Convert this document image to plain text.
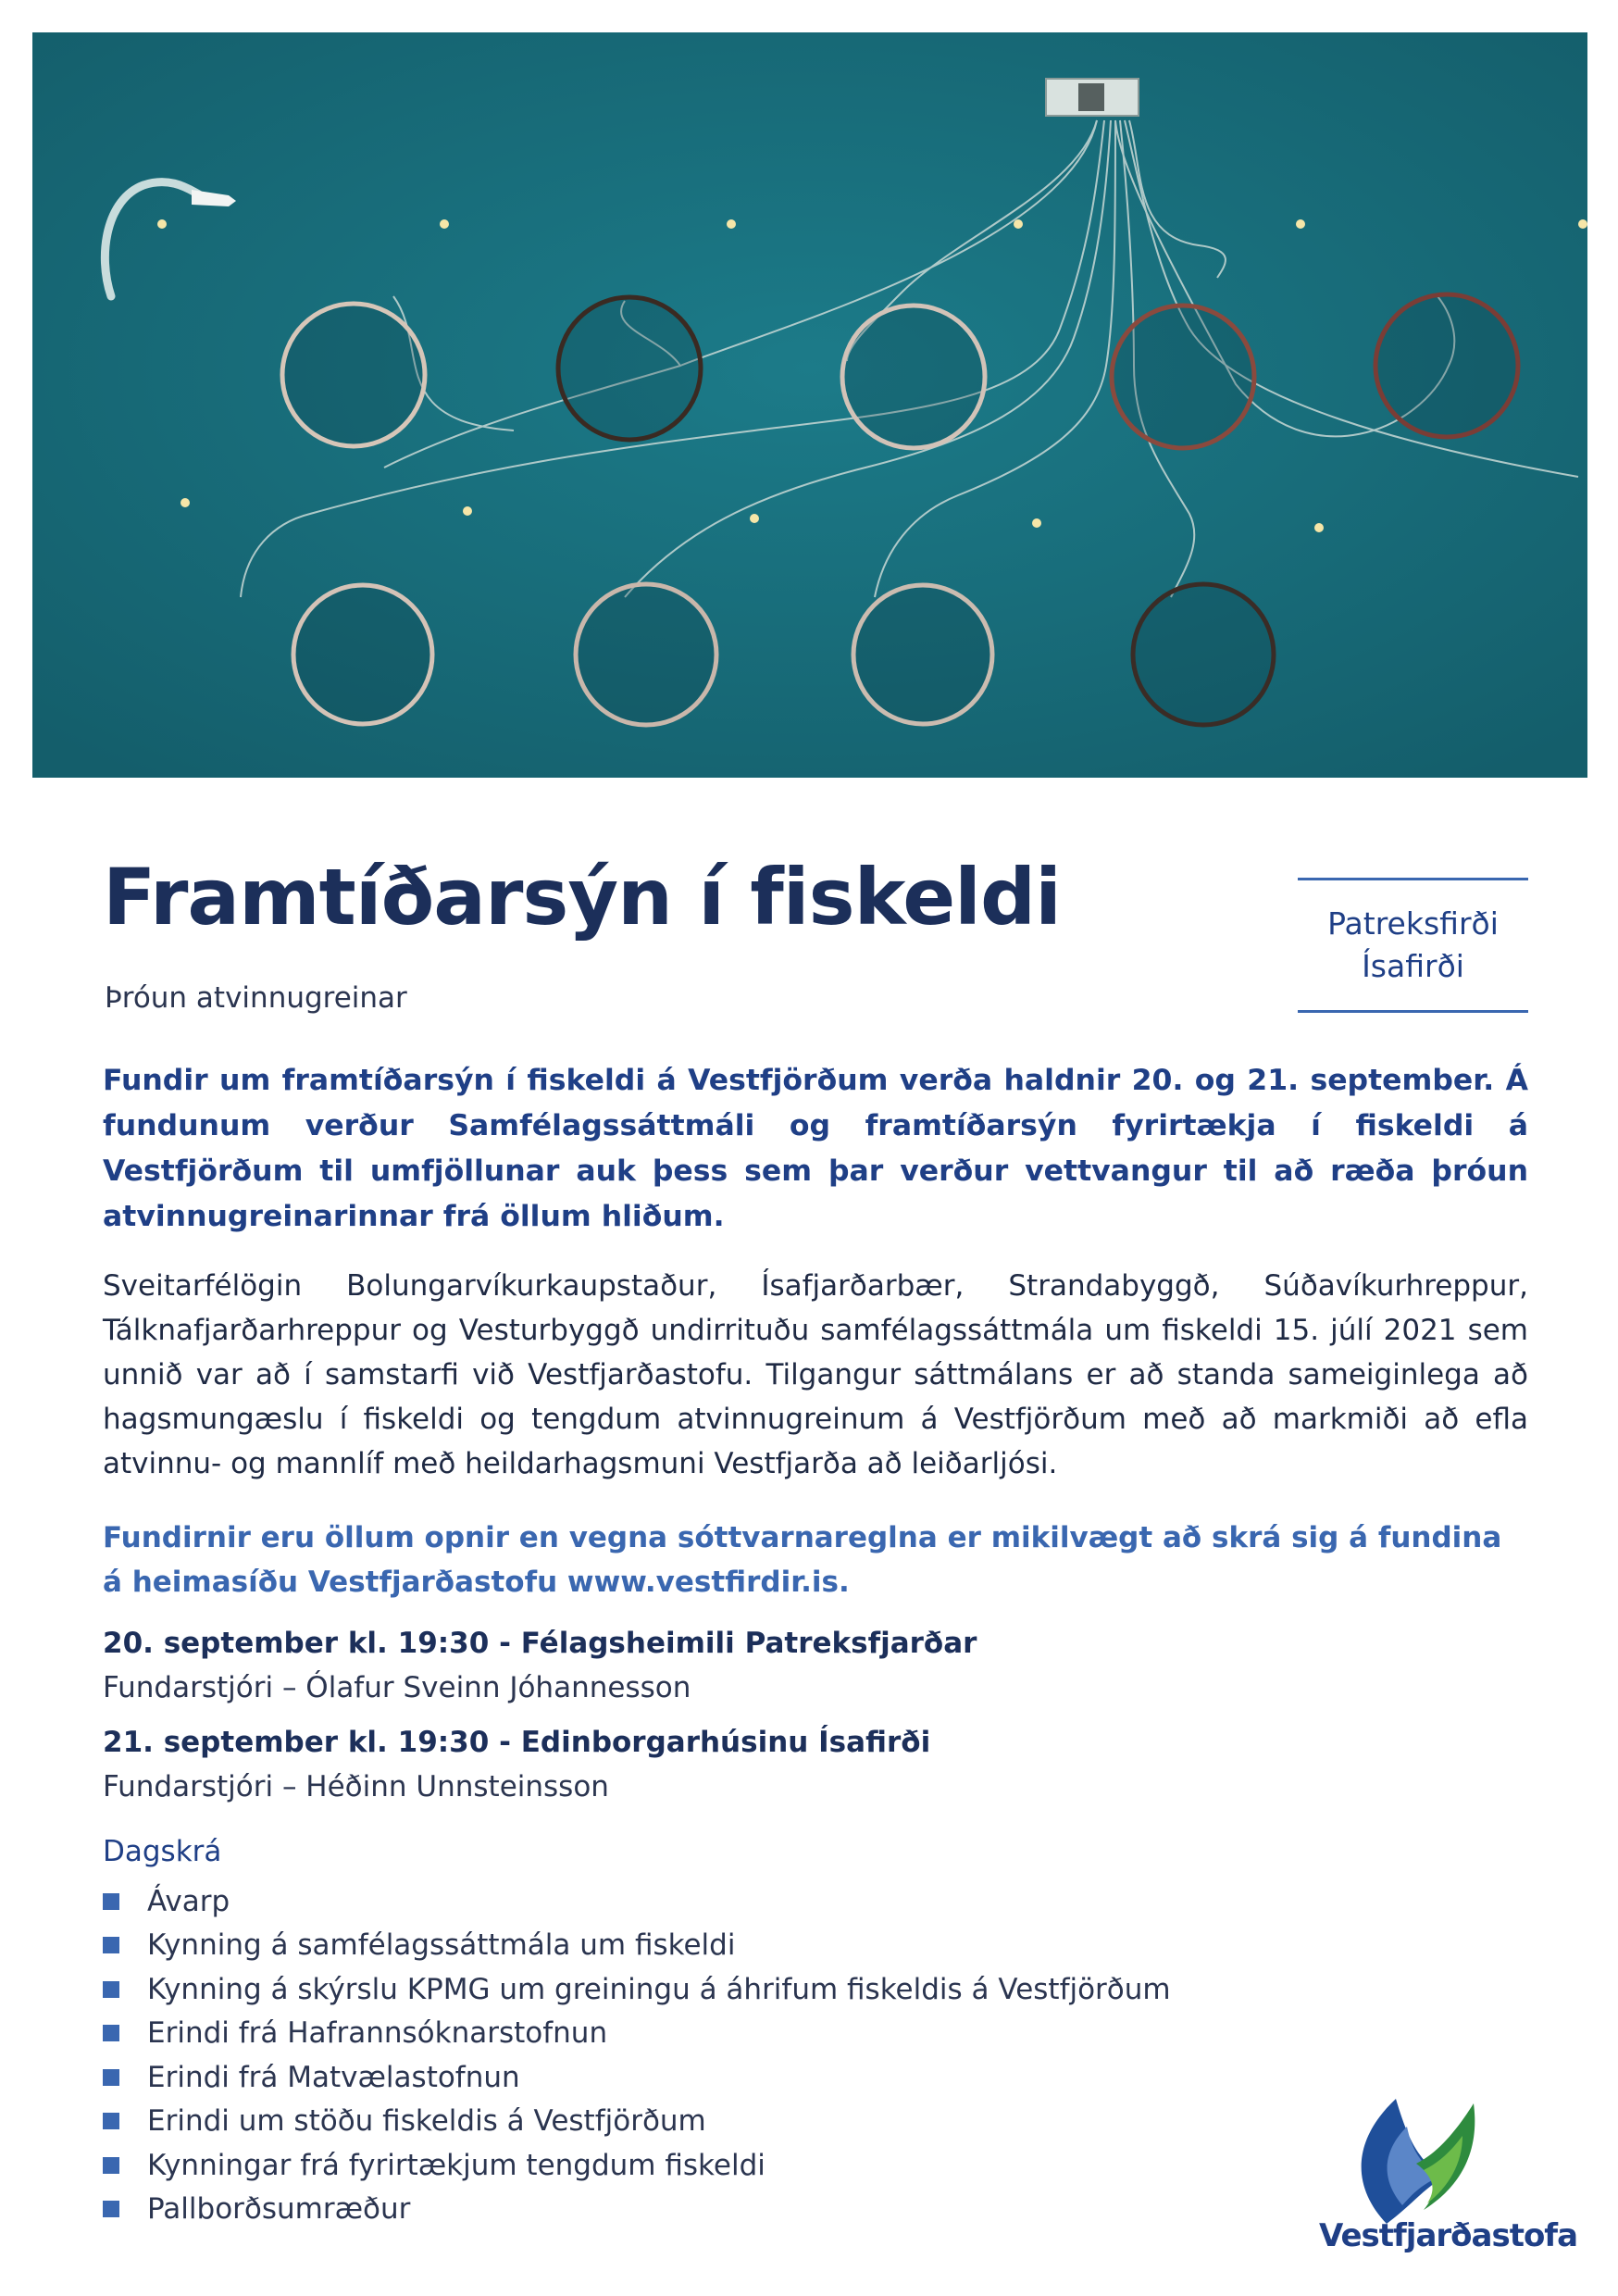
Framtíðarsýn í fiskeldi
Þróun atvinnugreinar
Patreksfirði
Ísafirði

Fundir um framtíðarsýn í fiskeldi á Vestfjörðum verða haldnir 20. og 21. september. Á fundunum verður Samfélagssáttmáli og framtíðarsýn fyrirtækja í fiskeldi á Vestfjörðum til umfjöllunar auk þess sem þar verður vettvangur til að ræða þróun atvinnugreinarinnar frá öllum hliðum.

Sveitarfélögin Bolungarvíkurkaupstaður, Ísafjarðarbær, Strandabyggð, Súðavíkurhreppur, Tálknafjarðarhreppur og Vesturbyggð undirrituðu samfélagssáttmála um fiskeldi 15. júlí 2021 sem unnið var að í samstarfi við Vestfjarðastofu. Tilgangur sáttmálans er að standa sameiginlega að hagsmungæslu í fiskeldi og tengdum atvinnugreinum á Vestfjörðum með að markmiði að efla atvinnu- og mannlíf með heildarhagsmuni Vestfjarða að leiðarljósi.

Fundirnir eru öllum opnir en vegna sóttvarnareglna er mikilvægt að skrá sig á fundina á heimasíðu Vestfjarðastofu www.vestfirdir.is.

20. september kl. 19:30 - Félagsheimili Patreksfjarðar
Fundarstjóri – Ólafur Sveinn Jóhannesson
21. september kl. 19:30 - Edinborgarhúsinu Ísafirði
Fundarstjóri – Héðinn Unnsteinsson
Dagskrá
Ávarp
Kynning á samfélagssáttmála um fiskeldi
Kynning á skýrslu KPMG um greiningu á áhrifum fiskeldis á Vestfjörðum
Erindi frá Hafrannsóknarstofnun
Erindi frá Matvælastofnun
Erindi um stöðu fiskeldis á Vestfjörðum
Kynningar frá fyrirtækjum tengdum fiskeldi
Pallborðsumræður
Vestfjarðastofa
